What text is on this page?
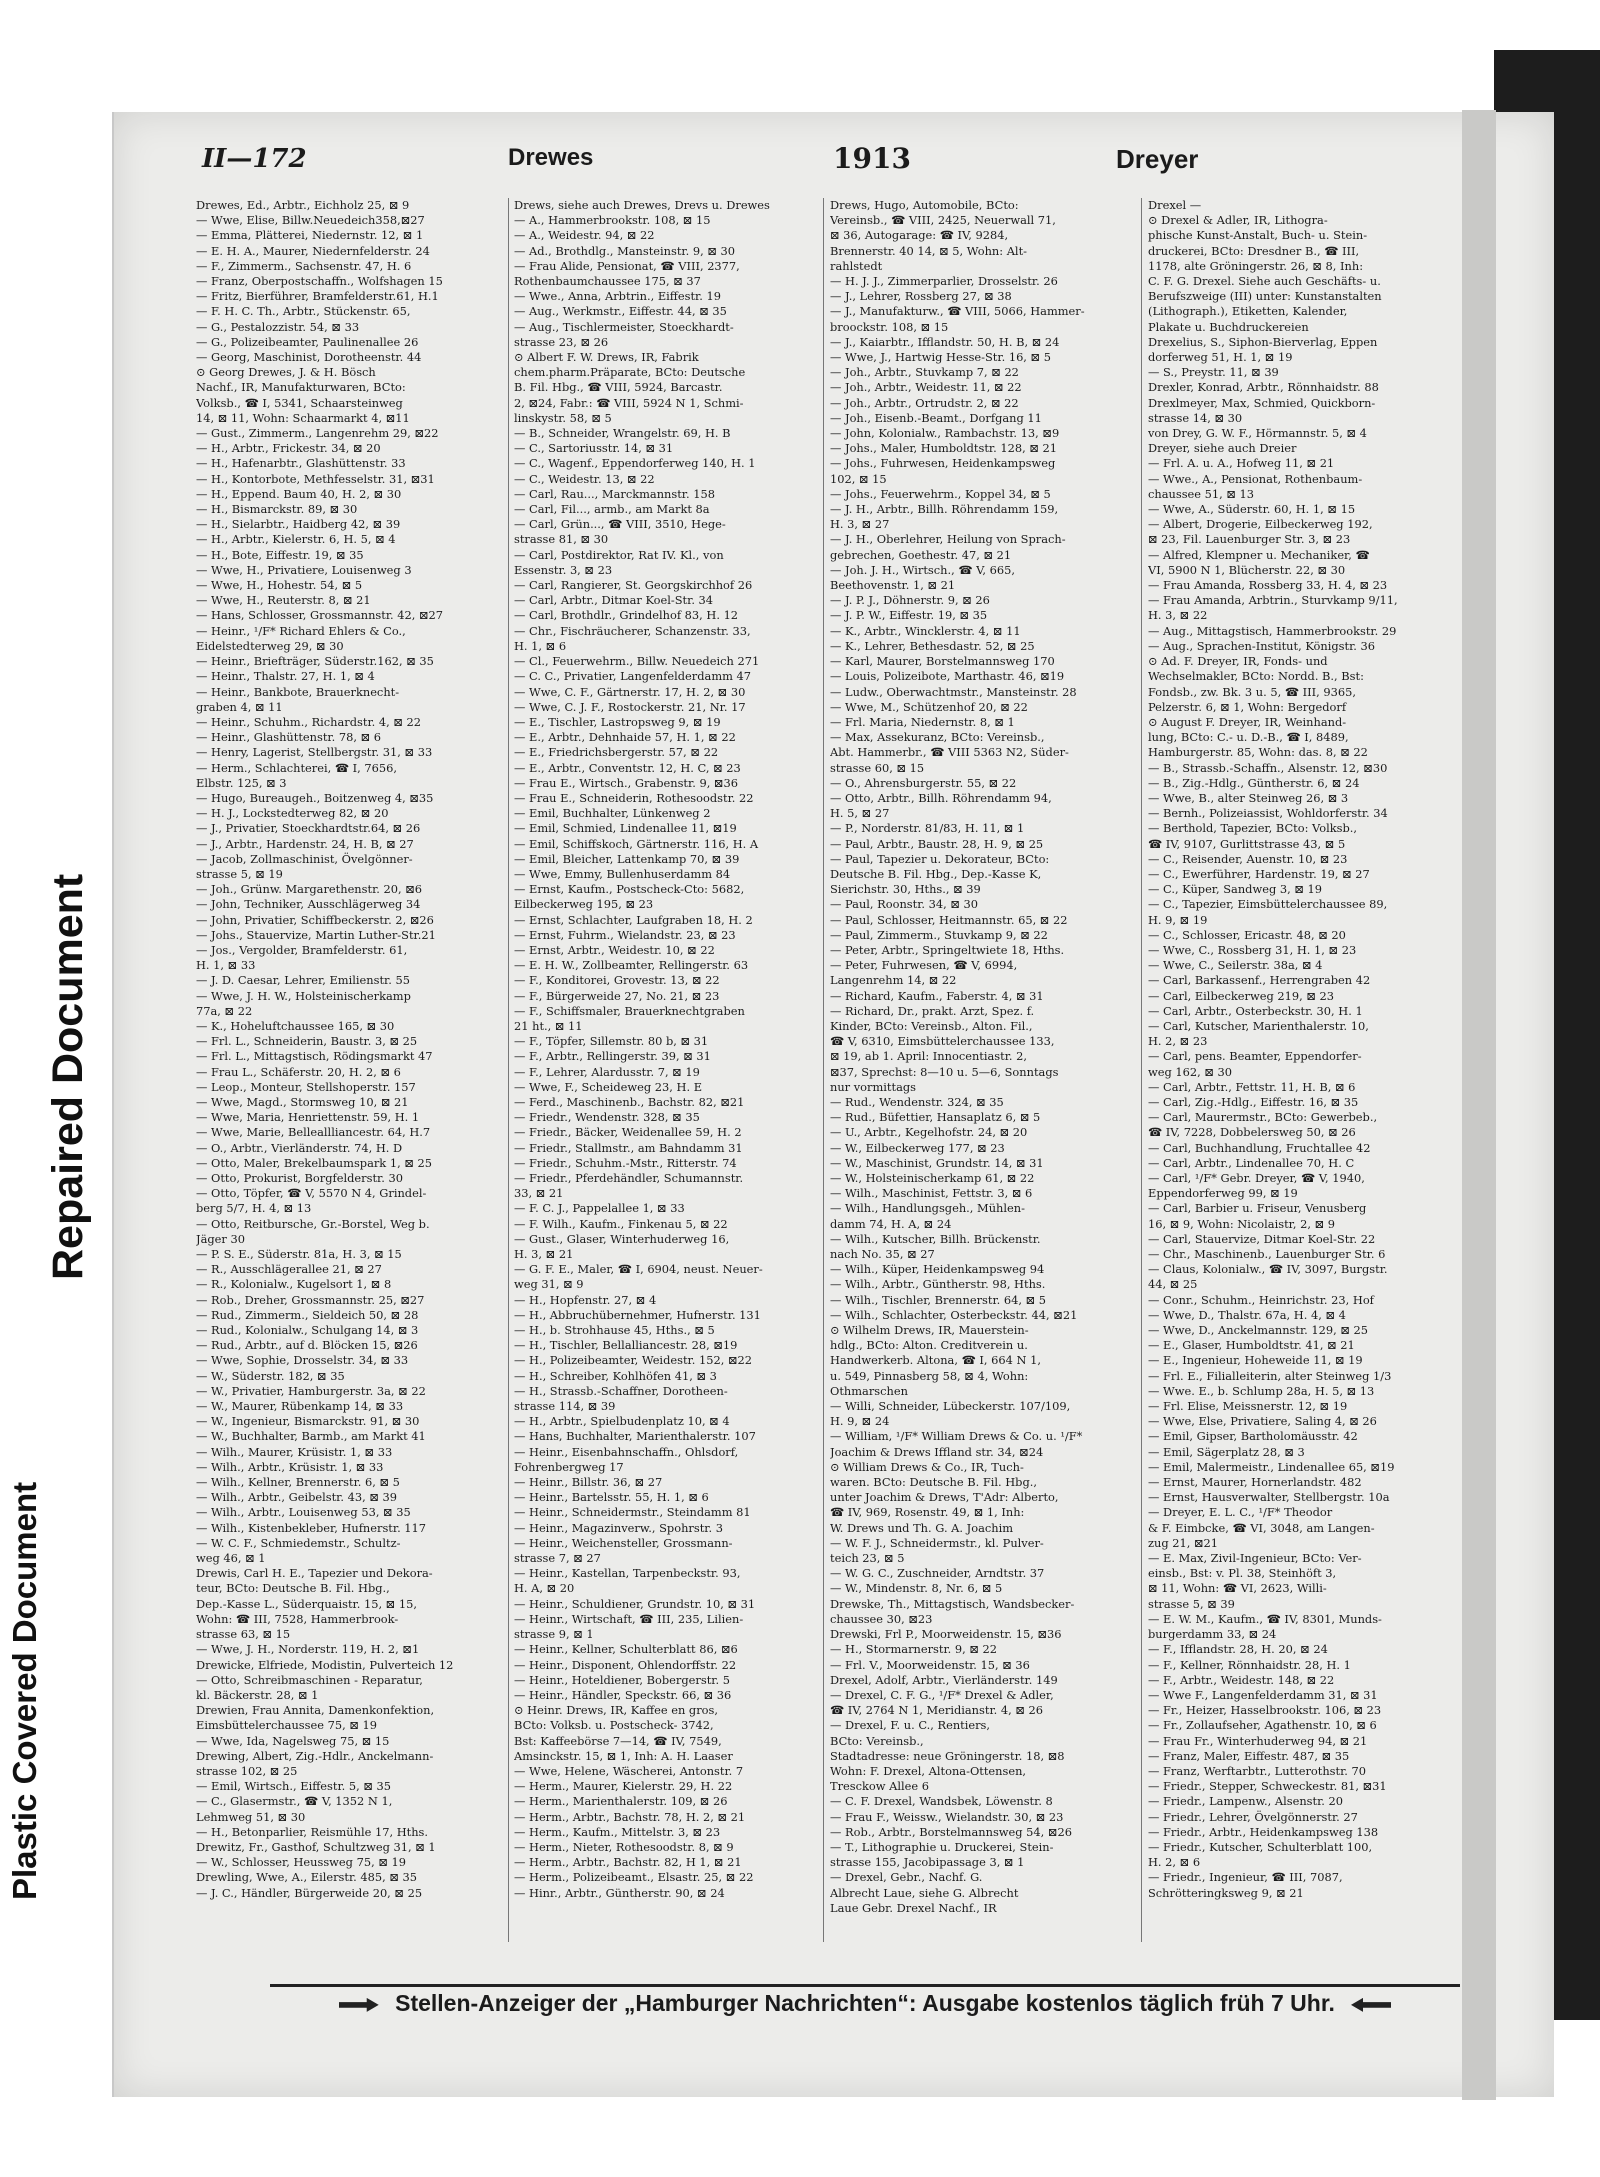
Plastic Covered Document
Repaired Document
II—172	Drewes	1913	Dreyer
Drewes, Ed., Arbtr., Eichholz 25, ⊠ 9
— Wwe, Elise, Billw.Neuedeich358,⊠27
— Emma, Plätterei, Niedernstr. 12, ⊠ 1
— E. H. A., Maurer, Niedernfelderstr. 24
— F., Zimmerm., Sachsenstr. 47, H. 6
— Franz, Oberpostschaffn., Wolfshagen 15
— Fritz, Bierführer, Bramfelderstr.61, H.1
— F. H. C. Th., Arbtr., Stückenstr. 65,
— G., Pestalozzistr. 54, ⊠ 33
— G., Polizeibeamter, Paulinenallee 26
— Georg, Maschinist, Dorotheenstr. 44
⊙ Georg Drewes, J. & H. Bösch
Nachf., IR, Manufakturwaren, BCto:
Volksb., ☎ I, 5341, Schaarsteinweg
14, ⊠ 11, Wohn: Schaarmarkt 4, ⊠11
— Gust., Zimmerm., Langenrehm 29, ⊠22
— H., Arbtr., Frickestr. 34, ⊠ 20
— H., Hafenarbtr., Glashüttenstr. 33
— H., Kontorbote, Methfesselstr. 31, ⊠31
— H., Eppend. Baum 40, H. 2, ⊠ 30
— H., Bismarckstr. 89, ⊠ 30
— H., Sielarbtr., Haidberg 42, ⊠ 39
— H., Arbtr., Kielerstr. 6, H. 5, ⊠ 4
— H., Bote, Eiffestr. 19, ⊠ 35
— Wwe, H., Privatiere, Louisenweg 3
— Wwe, H., Hohestr. 54, ⊠ 5
— Wwe, H., Reuterstr. 8, ⊠ 21
— Hans, Schlosser, Grossmannstr. 42, ⊠27
— Heinr., ¹/F* Richard Ehlers & Co.,
Eidelstedterweg 29, ⊠ 30
— Heinr., Briefträger, Süderstr.162, ⊠ 35
— Heinr., Thalstr. 27, H. 1, ⊠ 4
— Heinr., Bankbote, Brauerknecht-
graben 4, ⊠ 11
— Heinr., Schuhm., Richardstr. 4, ⊠ 22
— Heinr., Glashüttenstr. 78, ⊠ 6
— Henry, Lagerist, Stellbergstr. 31, ⊠ 33
— Herm., Schlachterei, ☎ I, 7656,
Elbstr. 125, ⊠ 3
— Hugo, Bureaugeh., Boitzenweg 4, ⊠35
— H. J., Lockstedterweg 82, ⊠ 20
— J., Privatier, Stoeckhardtstr.64, ⊠ 26
— J., Arbtr., Hardenstr. 24, H. B, ⊠ 27
— Jacob, Zollmaschinist, Övelgönner-
strasse 5, ⊠ 19
— Joh., Grünw. Margarethenstr. 20, ⊠6
— John, Techniker, Ausschlägerweg 34
— John, Privatier, Schiffbeckerstr. 2, ⊠26
— Johs., Stauervize, Martin Luther-Str.21
— Jos., Vergolder, Bramfelderstr. 61,
H. 1, ⊠ 33
— J. D. Caesar, Lehrer, Emilienstr. 55
— Wwe, J. H. W., Holsteinischerkamp
77a, ⊠ 22
— K., Hoheluftchaussee 165, ⊠ 30
— Frl. L., Schneiderin, Baustr. 3, ⊠ 25
— Frl. L., Mittagstisch, Rödingsmarkt 47
— Frau L., Schäferstr. 20, H. 2, ⊠ 6
— Leop., Monteur, Stellshoperstr. 157
— Wwe, Magd., Stormsweg 10, ⊠ 21
— Wwe, Maria, Henriettenstr. 59, H. 1
— Wwe, Marie, Belleallliancestr. 64, H.7
— O., Arbtr., Vierländerstr. 74, H. D
— Otto, Maler, Brekelbaumspark 1, ⊠ 25
— Otto, Prokurist, Borgfelderstr. 30
— Otto, Töpfer, ☎ V, 5570 N 4, Grindel-
berg 5/7, H. 4, ⊠ 13
— Otto, Reitbursche, Gr.-Borstel, Weg b.
Jäger 30
— P. S. E., Süderstr. 81a, H. 3, ⊠ 15
— R., Ausschlägerallee 21, ⊠ 27
— R., Kolonialw., Kugelsort 1, ⊠ 8
— Rob., Dreher, Grossmannstr. 25, ⊠27
— Rud., Zimmerm., Sieldeich 50, ⊠ 28
— Rud., Kolonialw., Schulgang 14, ⊠ 3
— Rud., Arbtr., auf d. Blöcken 15, ⊠26
— Wwe, Sophie, Drosselstr. 34, ⊠ 33
— W., Süderstr. 182, ⊠ 35
— W., Privatier, Hamburgerstr. 3a, ⊠ 22
— W., Maurer, Rübenkamp 14, ⊠ 33
— W., Ingenieur, Bismarckstr. 91, ⊠ 30
— W., Buchhalter, Barmb., am Markt 41
— Wilh., Maurer, Krüsistr. 1, ⊠ 33
— Wilh., Arbtr., Krüsistr. 1, ⊠ 33
— Wilh., Kellner, Brennerstr. 6, ⊠ 5
— Wilh., Arbtr., Geibelstr. 43, ⊠ 39
— Wilh., Arbtr., Louisenweg 53, ⊠ 35
— Wilh., Kistenbekleber, Hufnerstr. 117
— W. C. F., Schmiedemstr., Schultz-
weg 46, ⊠ 1
Drewis, Carl H. E., Tapezier und Dekora-
teur, BCto: Deutsche B. Fil. Hbg.,
Dep.-Kasse L., Süderquaistr. 15, ⊠ 15,
Wohn: ☎ III, 7528, Hammerbrook-
strasse 63, ⊠ 15
— Wwe, J. H., Norderstr. 119, H. 2, ⊠1
Drewicke, Elfriede, Modistin, Pulverteich 12
— Otto, Schreibmaschinen - Reparatur,
kl. Bäckerstr. 28, ⊠ 1
Drewien, Frau Annita, Damenkonfektion,
Eimsbüttelerchaussee 75, ⊠ 19
— Wwe, Ida, Nagelsweg 75, ⊠ 15
Drewing, Albert, Zig.-Hdlr., Anckelmann-
strasse 102, ⊠ 25
— Emil, Wirtsch., Eiffestr. 5, ⊠ 35
— C., Glasermstr., ☎ V, 1352 N 1,
Lehmweg 51, ⊠ 30
— H., Betonparlier, Reismühle 17, Hths.
Drewitz, Fr., Gasthof, Schultzweg 31, ⊠ 1
— W., Schlosser, Heussweg 75, ⊠ 19
Drewling, Wwe, A., Eilerstr. 485, ⊠ 35
— J. C., Händler, Bürgerweide 20, ⊠ 25
Drews, siehe auch Drewes, Drevs u. Drewes
— A., Hammerbrookstr. 108, ⊠ 15
— A., Weidestr. 94, ⊠ 22
— Ad., Brothdlg., Mansteinstr. 9, ⊠ 30
— Frau Alide, Pensionat, ☎ VIII, 2377,
Rothenbaumchaussee 175, ⊠ 37
— Wwe., Anna, Arbtrin., Eiffestr. 19
— Aug., Werkmstr., Eiffestr. 44, ⊠ 35
— Aug., Tischlermeister, Stoeckhardt-
strasse 23, ⊠ 26
⊙ Albert F. W. Drews, IR, Fabrik
chem.pharm.Präparate, BCto: Deutsche
B. Fil. Hbg., ☎ VIII, 5924, Barcastr.
2, ⊠24, Fabr.: ☎ VIII, 5924 N 1, Schmi-
linskystr. 58, ⊠ 5
— B., Schneider, Wrangelstr. 69, H. B
— C., Sartoriusstr. 14, ⊠ 31
— C., Wagenf., Eppendorferweg 140, H. 1
— C., Weidestr. 13, ⊠ 22
— Carl, Rau..., Marckmannstr. 158
— Carl, Fil..., armb., am Markt 8a
— Carl, Grün..., ☎ VIII, 3510, Hege-
strasse 81, ⊠ 30
— Carl, Postdirektor, Rat IV. Kl., von
Essenstr. 3, ⊠ 23
— Carl, Rangierer, St. Georgskirchhof 26
— Carl, Arbtr., Ditmar Koel-Str. 34
— Carl, Brothdlr., Grindelhof 83, H. 12
— Chr., Fischräucherer, Schanzenstr. 33,
H. 1, ⊠ 6
— Cl., Feuerwehrm., Billw. Neuedeich 271
— C. C., Privatier, Langenfelderdamm 47
— Wwe, C. F., Gärtnerstr. 17, H. 2, ⊠ 30
— Wwe, C. J. F., Rostockerstr. 21, Nr. 17
— E., Tischler, Lastropsweg 9, ⊠ 19
— E., Arbtr., Dehnhaide 57, H. 1, ⊠ 22
— E., Friedrichsbergerstr. 57, ⊠ 22
— E., Arbtr., Conventstr. 12, H. C, ⊠ 23
— Frau E., Wirtsch., Grabenstr. 9, ⊠36
— Frau E., Schneiderin, Rothesoodstr. 22
— Emil, Buchhalter, Lünkenweg 2
— Emil, Schmied, Lindenallee 11, ⊠19
— Emil, Schiffskoch, Gärtnerstr. 116, H. A
— Emil, Bleicher, Lattenkamp 70, ⊠ 39
— Wwe, Emmy, Bullenhuserdamm 84
— Ernst, Kaufm., Postscheck-Cto: 5682,
Eilbeckerweg 195, ⊠ 23
— Ernst, Schlachter, Laufgraben 18, H. 2
— Ernst, Fuhrm., Wielandstr. 23, ⊠ 23
— Ernst, Arbtr., Weidestr. 10, ⊠ 22
— E. H. W., Zollbeamter, Rellingerstr. 63
— F., Konditorei, Grovestr. 13, ⊠ 22
— F., Bürgerweide 27, No. 21, ⊠ 23
— F., Schiffsmaler, Brauerknechtgraben
21 ht., ⊠ 11
— F., Töpfer, Sillemstr. 80 b, ⊠ 31
— F., Arbtr., Rellingerstr. 39, ⊠ 31
— F., Lehrer, Alardusstr. 7, ⊠ 19
— Wwe, F., Scheideweg 23, H. E
— Ferd., Maschinenb., Bachstr. 82, ⊠21
— Friedr., Wendenstr. 328, ⊠ 35
— Friedr., Bäcker, Weidenallee 59, H. 2
— Friedr., Stallmstr., am Bahndamm 31
— Friedr., Schuhm.-Mstr., Ritterstr. 74
— Friedr., Pferdehändler, Schumannstr.
33, ⊠ 21
— F. C. J., Pappelallee 1, ⊠ 33
— F. Wilh., Kaufm., Finkenau 5, ⊠ 22
— Gust., Glaser, Winterhuderweg 16,
H. 3, ⊠ 21
— G. F. E., Maler, ☎ I, 6904, neust. Neuer-
weg 31, ⊠ 9
— H., Hopfenstr. 27, ⊠ 4
— H., Abbruchübernehmer, Hufnerstr. 131
— H., b. Strohhause 45, Hths., ⊠ 5
— H., Tischler, Bellalliancestr. 28, ⊠19
— H., Polizeibeamter, Weidestr. 152, ⊠22
— H., Schreiber, Kohlhöfen 41, ⊠ 3
— H., Strassb.-Schaffner, Dorotheen-
strasse 114, ⊠ 39
— H., Arbtr., Spielbudenplatz 10, ⊠ 4
— Hans, Buchhalter, Marienthalerstr. 107
— Heinr., Eisenbahnschaffn., Ohlsdorf,
Fohrenbergweg 17
— Heinr., Billstr. 36, ⊠ 27
— Heinr., Bartelsstr. 55, H. 1, ⊠ 6
— Heinr., Schneidermstr., Steindamm 81
— Heinr., Magazinverw., Spohrstr. 3
— Heinr., Weichensteller, Grossmann-
strasse 7, ⊠ 27
— Heinr., Kastellan, Tarpenbeckstr. 93,
H. A, ⊠ 20
— Heinr., Schuldiener, Grundstr. 10, ⊠ 31
— Heinr., Wirtschaft, ☎ III, 235, Lilien-
strasse 9, ⊠ 1
— Heinr., Kellner, Schulterblatt 86, ⊠6
— Heinr., Disponent, Ohlendorffstr. 22
— Heinr., Hoteldiener, Bobergerstr. 5
— Heinr., Händler, Speckstr. 66, ⊠ 36
⊙ Heinr. Drews, IR, Kaffee en gros,
BCto: Volksb. u. Postscheck- 3742,
Bst: Kaffeebörse 7—14, ☎ IV, 7549,
Amsinckstr. 15, ⊠ 1, Inh: A. H. Laaser
— Wwe, Helene, Wäscherei, Antonstr. 7
— Herm., Maurer, Kielerstr. 29, H. 22
— Herm., Marienthalerstr. 109, ⊠ 26
— Herm., Arbtr., Bachstr. 78, H. 2, ⊠ 21
— Herm., Kaufm., Mittelstr. 3, ⊠ 23
— Herm., Nieter, Rothesoodstr. 8, ⊠ 9
— Herm., Arbtr., Bachstr. 82, H 1, ⊠ 21
— Herm., Polizeibeamt., Elsastr. 25, ⊠ 22
— Hinr., Arbtr., Güntherstr. 90, ⊠ 24
Drews, Hugo, Automobile, BCto:
Vereinsb., ☎ VIII, 2425, Neuerwall 71,
⊠ 36, Autogarage: ☎ IV, 9284,
Brennerstr. 40 14, ⊠ 5, Wohn: Alt-
rahlstedt
— H. J. J., Zimmerparlier, Drosselstr. 26
— J., Lehrer, Rossberg 27, ⊠ 38
— J., Manufakturw., ☎ VIII, 5066, Hammer-
broockstr. 108, ⊠ 15
— J., Kaiarbtr., Ifflandstr. 50, H. B, ⊠ 24
— Wwe, J., Hartwig Hesse-Str. 16, ⊠ 5
— Joh., Arbtr., Stuvkamp 7, ⊠ 22
— Joh., Arbtr., Weidestr. 11, ⊠ 22
— Joh., Arbtr., Ortrudstr. 2, ⊠ 22
— Joh., Eisenb.-Beamt., Dorfgang 11
— John, Kolonialw., Rambachstr. 13, ⊠9
— Johs., Maler, Humboldtstr. 128, ⊠ 21
— Johs., Fuhrwesen, Heidenkampsweg
102, ⊠ 15
— Johs., Feuerwehrm., Koppel 34, ⊠ 5
— J. H., Arbtr., Billh. Röhrendamm 159,
H. 3, ⊠ 27
— J. H., Oberlehrer, Heilung von Sprach-
gebrechen, Goethestr. 47, ⊠ 21
— Joh. J. H., Wirtsch., ☎ V, 665,
Beethovenstr. 1, ⊠ 21
— J. P. J., Döhnerstr. 9, ⊠ 26
— J. P. W., Eiffestr. 19, ⊠ 35
— K., Arbtr., Wincklerstr. 4, ⊠ 11
— K., Lehrer, Bethesdastr. 52, ⊠ 25
— Karl, Maurer, Borstelmannsweg 170
— Louis, Polizeibote, Marthastr. 46, ⊠19
— Ludw., Oberwachtmstr., Mansteinstr. 28
— Wwe, M., Schützenhof 20, ⊠ 22
— Frl. Maria, Niedernstr. 8, ⊠ 1
— Max, Assekuranz, BCto: Vereinsb.,
Abt. Hammerbr., ☎ VIII 5363 N2, Süder-
strasse 60, ⊠ 15
— O., Ahrensburgerstr. 55, ⊠ 22
— Otto, Arbtr., Billh. Röhrendamm 94,
H. 5, ⊠ 27
— P., Norderstr. 81/83, H. 11, ⊠ 1
— Paul, Arbtr., Baustr. 28, H. 9, ⊠ 25
— Paul, Tapezier u. Dekorateur, BCto:
Deutsche B. Fil. Hbg., Dep.-Kasse K,
Sierichstr. 30, Hths., ⊠ 39
— Paul, Roonstr. 34, ⊠ 30
— Paul, Schlosser, Heitmannstr. 65, ⊠ 22
— Paul, Zimmerm., Stuvkamp 9, ⊠ 22
— Peter, Arbtr., Springeltwiete 18, Hths.
— Peter, Fuhrwesen, ☎ V, 6994,
Langenrehm 14, ⊠ 22
— Richard, Kaufm., Faberstr. 4, ⊠ 31
— Richard, Dr., prakt. Arzt, Spez. f.
Kinder, BCto: Vereinsb., Alton. Fil.,
☎ V, 6310, Eimsbüttelerchaussee 133,
⊠ 19, ab 1. April: Innocentiastr. 2,
⊠37, Sprechst: 8—10 u. 5—6, Sonntags
nur vormittags
— Rud., Wendenstr. 324, ⊠ 35
— Rud., Büfettier, Hansaplatz 6, ⊠ 5
— U., Arbtr., Kegelhofstr. 24, ⊠ 20
— W., Eilbeckerweg 177, ⊠ 23
— W., Maschinist, Grundstr. 14, ⊠ 31
— W., Holsteinischerkamp 61, ⊠ 22
— Wilh., Maschinist, Fettstr. 3, ⊠ 6
— Wilh., Handlungsgeh., Mühlen-
damm 74, H. A, ⊠ 24
— Wilh., Kutscher, Billh. Brückenstr.
nach No. 35, ⊠ 27
— Wilh., Küper, Heidenkampsweg 94
— Wilh., Arbtr., Güntherstr. 98, Hths.
— Wilh., Tischler, Brennerstr. 64, ⊠ 5
— Wilh., Schlachter, Osterbeckstr. 44, ⊠21
⊙ Wilhelm Drews, IR, Mauerstein-
hdlg., BCto: Alton. Creditverein u.
Handwerkerb. Altona, ☎ I, 664 N 1,
u. 549, Pinnasberg 58, ⊠ 4, Wohn:
Othmarschen
— Willi, Schneider, Lübeckerstr. 107/109,
H. 9, ⊠ 24
— William, ¹/F* William Drews & Co. u. ¹/F*
Joachim & Drews Iffland str. 34, ⊠24
⊙ William Drews & Co., IR, Tuch-
waren. BCto: Deutsche B. Fil. Hbg.,
unter Joachim & Drews, T'Adr: Alberto,
☎ IV, 969, Rosenstr. 49, ⊠ 1, Inh:
W. Drews und Th. G. A. Joachim
— W. F. J., Schneidermstr., kl. Pulver-
teich 23, ⊠ 5
— W. G. C., Zuschneider, Arndtstr. 37
— W., Mindenstr. 8, Nr. 6, ⊠ 5
Drewske, Th., Mittagstisch, Wandsbecker-
chaussee 30, ⊠23
Drewski, Frl P., Moorweidenstr. 15, ⊠36
— H., Stormarnerstr. 9, ⊠ 22
— Frl. V., Moorweidenstr. 15, ⊠ 36
Drexel, Adolf, Arbtr., Vierländerstr. 149
— Drexel, C. F. G., ¹/F* Drexel & Adler,
☎ IV, 2764 N 1, Meridianstr. 4, ⊠ 26
— Drexel, F. u. C., Rentiers,
BCto: Vereinsb.,
Stadtadresse: neue Gröningerstr. 18, ⊠8
Wohn: F. Drexel, Altona-Ottensen,
Tresckow Allee 6
— C. F. Drexel, Wandsbek, Löwenstr. 8
— Frau F., Weissw., Wielandstr. 30, ⊠ 23
— Rob., Arbtr., Borstelmannsweg 54, ⊠26
— T., Lithographie u. Druckerei, Stein-
strasse 155, Jacobipassage 3, ⊠ 1
— Drexel, Gebr., Nachf. G.
Albrecht Laue, siehe G. Albrecht
Laue Gebr. Drexel Nachf., IR
Drexel —
⊙ Drexel & Adler, IR, Lithogra-
phische Kunst-Anstalt, Buch- u. Stein-
druckerei, BCto: Dresdner B., ☎ III,
1178, alte Gröningerstr. 26, ⊠ 8, Inh:
C. F. G. Drexel. Siehe auch Geschäfts- u.
Berufszweige (III) unter: Kunstanstalten
(Lithograph.), Etiketten, Kalender,
Plakate u. Buchdruckereien
Drexelius, S., Siphon-Bierverlag, Eppen
dorferweg 51, H. 1, ⊠ 19
— S., Preystr. 11, ⊠ 39
Drexler, Konrad, Arbtr., Rönnhaidstr. 88
Drexlmeyer, Max, Schmied, Quickborn-
strasse 14, ⊠ 30
von Drey, G. W. F., Hörmannstr. 5, ⊠ 4
Dreyer, siehe auch Dreier
— Frl. A. u. A., Hofweg 11, ⊠ 21
— Wwe., A., Pensionat, Rothenbaum-
chaussee 51, ⊠ 13
— Wwe, A., Süderstr. 60, H. 1, ⊠ 15
— Albert, Drogerie, Eilbeckerweg 192,
⊠ 23, Fil. Lauenburger Str. 3, ⊠ 23
— Alfred, Klempner u. Mechaniker, ☎
VI, 5900 N 1, Blücherstr. 22, ⊠ 30
— Frau Amanda, Rossberg 33, H. 4, ⊠ 23
— Frau Amanda, Arbtrin., Sturvkamp 9/11,
H. 3, ⊠ 22
— Aug., Mittagstisch, Hammerbrookstr. 29
— Aug., Sprachen-Institut, Königstr. 36
⊙ Ad. F. Dreyer, IR, Fonds- und
Wechselmakler, BCto: Nordd. B., Bst:
Fondsb., zw. Bk. 3 u. 5, ☎ III, 9365,
Pelzerstr. 6, ⊠ 1, Wohn: Bergedorf
⊙ August F. Dreyer, IR, Weinhand-
lung, BCto: C.- u. D.-B., ☎ I, 8489,
Hamburgerstr. 85, Wohn: das. 8, ⊠ 22
— B., Strassb.-Schaffn., Alsenstr. 12, ⊠30
— B., Zig.-Hdlg., Güntherstr. 6, ⊠ 24
— Wwe, B., alter Steinweg 26, ⊠ 3
— Bernh., Polizeiassist, Wohldorferstr. 34
— Berthold, Tapezier, BCto: Volksb.,
☎ IV, 9107, Gurlittstrasse 43, ⊠ 5
— C., Reisender, Auenstr. 10, ⊠ 23
— C., Ewerführer, Hardenstr. 19, ⊠ 27
— C., Küper, Sandweg 3, ⊠ 19
— C., Tapezier, Eimsbüttelerchaussee 89,
H. 9, ⊠ 19
— C., Schlosser, Ericastr. 48, ⊠ 20
— Wwe, C., Rossberg 31, H. 1, ⊠ 23
— Wwe, C., Seilerstr. 38a, ⊠ 4
— Carl, Barkassenf., Herrengraben 42
— Carl, Eilbeckerweg 219, ⊠ 23
— Carl, Arbtr., Osterbeckstr. 30, H. 1
— Carl, Kutscher, Marienthalerstr. 10,
H. 2, ⊠ 23
— Carl, pens. Beamter, Eppendorfer-
weg 162, ⊠ 30
— Carl, Arbtr., Fettstr. 11, H. B, ⊠ 6
— Carl, Zig.-Hdlg., Eiffestr. 16, ⊠ 35
— Carl, Maurermstr., BCto: Gewerbeb.,
☎ IV, 7228, Dobbelersweg 50, ⊠ 26
— Carl, Buchhandlung, Fruchtallee 42
— Carl, Arbtr., Lindenallee 70, H. C
— Carl, ¹/F* Gebr. Dreyer, ☎ V, 1940,
Eppendorferweg 99, ⊠ 19
— Carl, Barbier u. Friseur, Venusberg
16, ⊠ 9, Wohn: Nicolaistr, 2, ⊠ 9
— Carl, Stauervize, Ditmar Koel-Str. 22
— Chr., Maschinenb., Lauenburger Str. 6
— Claus, Kolonialw., ☎ IV, 3097, Burgstr.
44, ⊠ 25
— Conr., Schuhm., Heinrichstr. 23, Hof
— Wwe, D., Thalstr. 67a, H. 4, ⊠ 4
— Wwe, D., Anckelmannstr. 129, ⊠ 25
— E., Glaser, Humboldtstr. 41, ⊠ 21
— E., Ingenieur, Hoheweide 11, ⊠ 19
— Frl. E., Filialleiterin, alter Steinweg 1/3
— Wwe. E., b. Schlump 28a, H. 5, ⊠ 13
— Frl. Elise, Meissnerstr. 12, ⊠ 19
— Wwe, Else, Privatiere, Saling 4, ⊠ 26
— Emil, Gipser, Bartholomäusstr. 42
— Emil, Sägerplatz 28, ⊠ 3
— Emil, Malermeistr., Lindenallee 65, ⊠19
— Ernst, Maurer, Hornerlandstr. 482
— Ernst, Hausverwalter, Stellbergstr. 10a
— Dreyer, E. L. C., ¹/F* Theodor
& F. Eimbcke, ☎ VI, 3048, am Langen-
zug 21, ⊠21
— E. Max, Zivil-Ingenieur, BCto: Ver-
einsb., Bst: v. Pl. 38, Steinhöft 3,
⊠ 11, Wohn: ☎ VI, 2623, Willi-
strasse 5, ⊠ 39
— E. W. M., Kaufm., ☎ IV, 8301, Munds-
burgerdamm 33, ⊠ 24
— F., Ifflandstr. 28, H. 20, ⊠ 24
— F., Kellner, Rönnhaidstr. 28, H. 1
— F., Arbtr., Weidestr. 148, ⊠ 22
— Wwe F., Langenfelderdamm 31, ⊠ 31
— Fr., Heizer, Hasselbrookstr. 106, ⊠ 23
— Fr., Zollaufseher, Agathenstr. 10, ⊠ 6
— Frau Fr., Winterhuderweg 94, ⊠ 21
— Franz, Maler, Eiffestr. 487, ⊠ 35
— Franz, Werftarbtr., Lutterothstr. 70
— Friedr., Stepper, Schweckestr. 81, ⊠31
— Friedr., Lampenw., Alsenstr. 20
— Friedr., Lehrer, Övelgönnerstr. 27
— Friedr., Arbtr., Heidenkampsweg 138
— Friedr., Kutscher, Schulterblatt 100,
H. 2, ⊠ 6
— Friedr., Ingenieur, ☎ III, 7087,
Schrötteringksweg 9, ⊠ 21
Stellen-Anzeiger der „Hamburger Nachrichten“: Ausgabe kostenlos täglich früh 7 Uhr.
